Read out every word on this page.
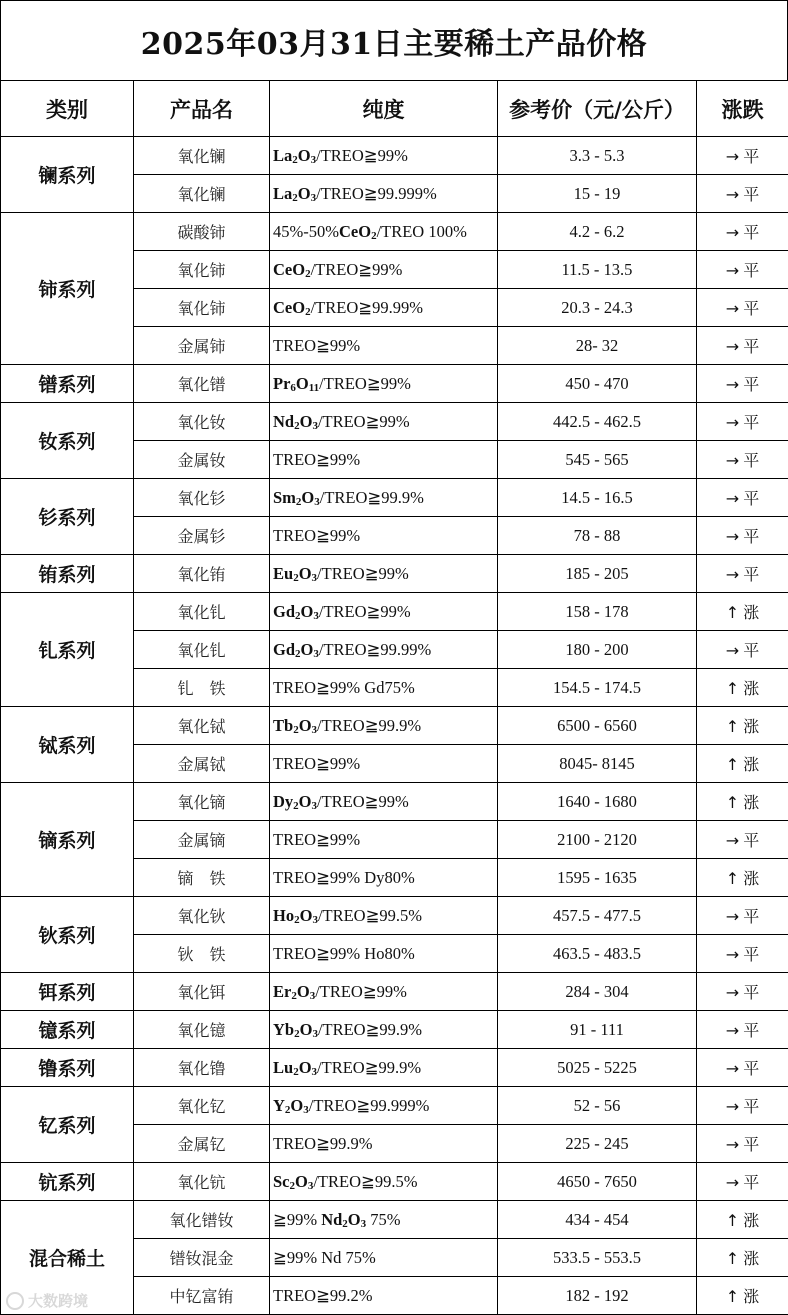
2025年03月31日主要稀土产品价格
类别	产品名	纯度	参考价（元/公斤）	涨跌
镧系列	氧化镧	$La_2O_3/TREO≧99\%$	3.3 - 5.3	→ 平
	氧化镧	$La_2O_3/TREO≧99.999\%$	15 - 19	→ 平
铈系列	碳酸铈	45%-50%CeO$_2$/TREO 100%	4.2 - 6.2	→ 平
	氧化铈	CeO$_2$/TREO≧99%	11.5 - 13.5	→ 平
	氧化铈	CeO$_2$/TREO≧99.99%	20.3 - 24.3	→ 平
	金属铈	TREO≧99%	28- 32	→ 平
镨系列	氧化镨	$Pr_6O_{11}/TREO≧99\%$	450 - 470	→ 平
钕系列	氧化钕	$Nd_2O_3/TREO≧99\%$	442.5 - 462.5	→ 平
	金属钕	TREO≧99%	545 - 565	→ 平
钐系列	氧化钐	$Sm_2O_3/TREO≧99.9\%$	14.5 - 16.5	→ 平
	金属钐	TREO≧99%	78 - 88	→ 平
铕系列	氧化铕	$Eu_2O_3/TREO≧99\%$	185 - 205	→ 平
钆系列	氧化钆	$Gd_2O_3/TREO≧99\%$	158 - 178	↑ 涨
	氧化钆	$Gd_2O_3/TREO≧99.99\%$	180 - 200	→ 平
	钆　铁	TREO≧99% Gd75%	154.5 - 174.5	↑ 涨
铽系列	氧化铽	$Tb_2O_3/TREO≧99.9\%$	6500 - 6560	↑ 涨
	金属铽	TREO≧99%	8045- 8145	↑ 涨
镝系列	氧化镝	$Dy_2O_3/TREO≧99\%$	1640 - 1680	↑ 涨
	金属镝	TREO≧99%	2100 - 2120	→ 平
	镝　铁	TREO≧99% Dy80%	1595 - 1635	↑ 涨
钬系列	氧化钬	$Ho_2O_3/TREO≧99.5\%$	457.5 - 477.5	→ 平
	钬　铁	TREO≧99% Ho80%	463.5 - 483.5	→ 平
铒系列	氧化铒	$Er_2O_3/TREO≧99\%$	284 - 304	→ 平
镱系列	氧化镱	$Yb_2O_3/TREO≧99.9\%$	91 - 111	→ 平
镥系列	氧化镥	$Lu_2O_3/TREO≧99.9\%$	5025 - 5225	→ 平
钇系列	氧化钇	$Y_2O_3/TREO≧99.999\%$	52 - 56	→ 平
	金属钇	TREO≧99.9%	225 - 245	→ 平
钪系列	氧化钪	$Sc_2O_3/TREO≧99.5\%$	4650 - 7650	→ 平
混合稀土	氧化镨钕	≧99% $Nd_2O_3$ 75%	434 - 454	↑ 涨
	镨钕混金	≧99% Nd 75%	533.5 - 553.5	↑ 涨
	中钇富铕	TREO≧99.2%	182 - 192	↑ 涨
大数跨境
